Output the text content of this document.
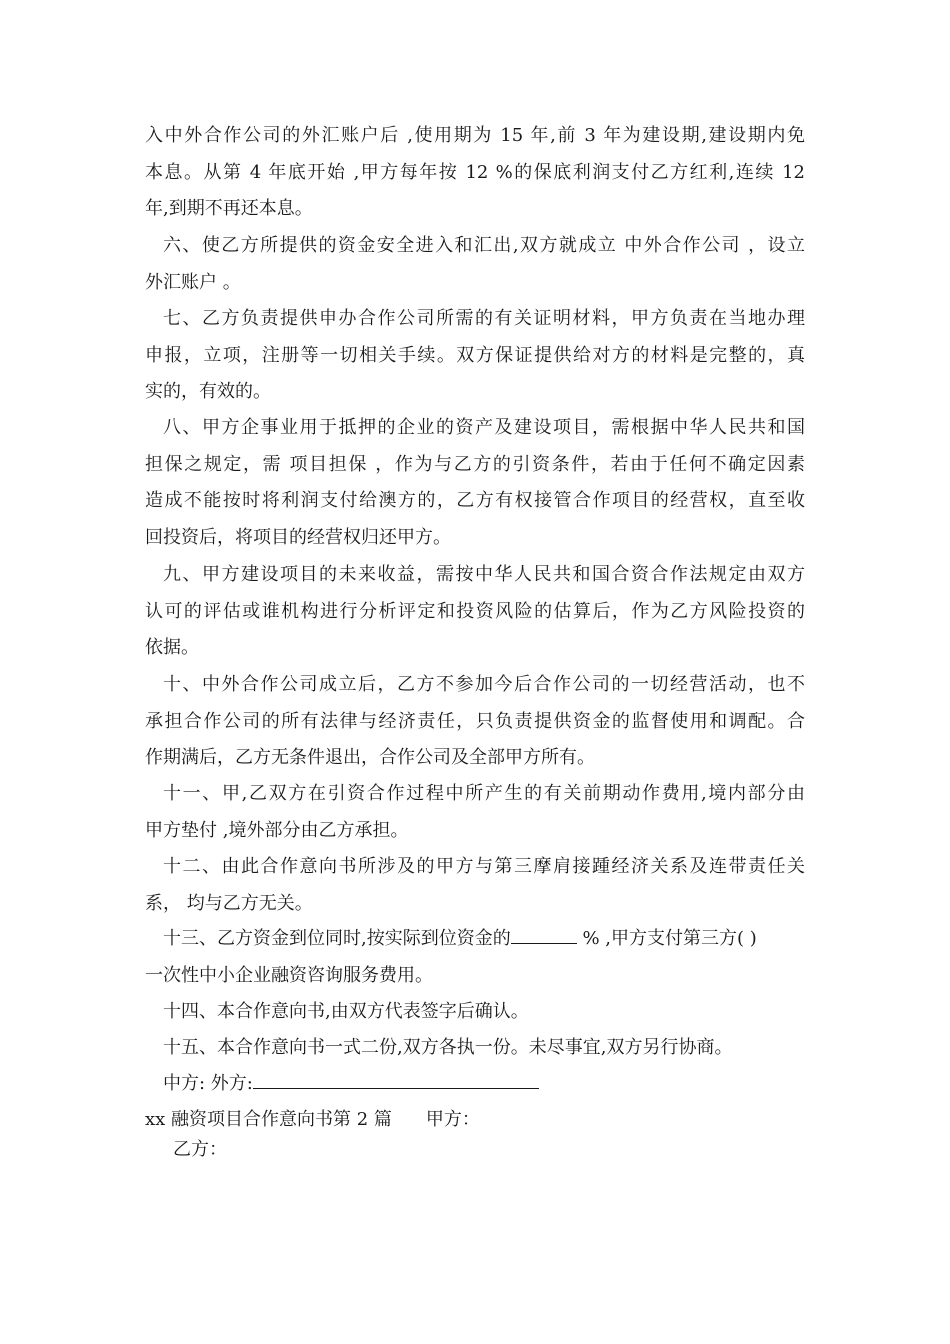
入中外合作公司的外汇账户后 ,使用期为 15 年,前 3 年为建设期,建设期内免
本息。从第 4 年底开始 ,甲方每年按 12 %的保底利润支付乙方红利,连续 12
年,到期不再还本息。
六、使乙方所提供的资金安全进入和汇出,双方就成立 中外合作公司 ，设立
外汇账户 。
七、乙方负责提供申办合作公司所需的有关证明材料，甲方负责在当地办理
申报，立项，注册等一切相关手续。双方保证提供给对方的材料是完整的，真
实的，有效的。
八、甲方企事业用于抵押的企业的资产及建设项目，需根据中华人民共和国
担保之规定，需 项目担保 ，作为与乙方的引资条件，若由于任何不确定因素
造成不能按时将利润支付给澳方的，乙方有权接管合作项目的经营权，直至收
回投资后，将项目的经营权归还甲方。
九、甲方建设项目的未来收益，需按中华人民共和国合资合作法规定由双方
认可的评估或谁机构进行分析评定和投资风险的估算后，作为乙方风险投资的
依据。
十、中外合作公司成立后，乙方不参加今后合作公司的一切经营活动，也不
承担合作公司的所有法律与经济责任，只负责提供资金的监督使用和调配。合
作期满后，乙方无条件退出，合作公司及全部甲方所有。
十一、甲,乙双方在引资合作过程中所产生的有关前期动作费用,境内部分由
甲方垫付 ,境外部分由乙方承担。
十二、由此合作意向书所涉及的甲方与第三摩肩接踵经济关系及连带责任关
系， 均与乙方无关。
十三、乙方资金到位同时,按实际到位资金的	% ,甲方支付第三方( )
一次性中小企业融资咨询服务费用。
十四、本合作意向书,由双方代表签字后确认。
十五、本合作意向书一式二份,双方各执一份。未尽事宜,双方另行协商。
中方: 外方:
xx 融资项目合作意向书第 2 篇 甲方：
乙方：
